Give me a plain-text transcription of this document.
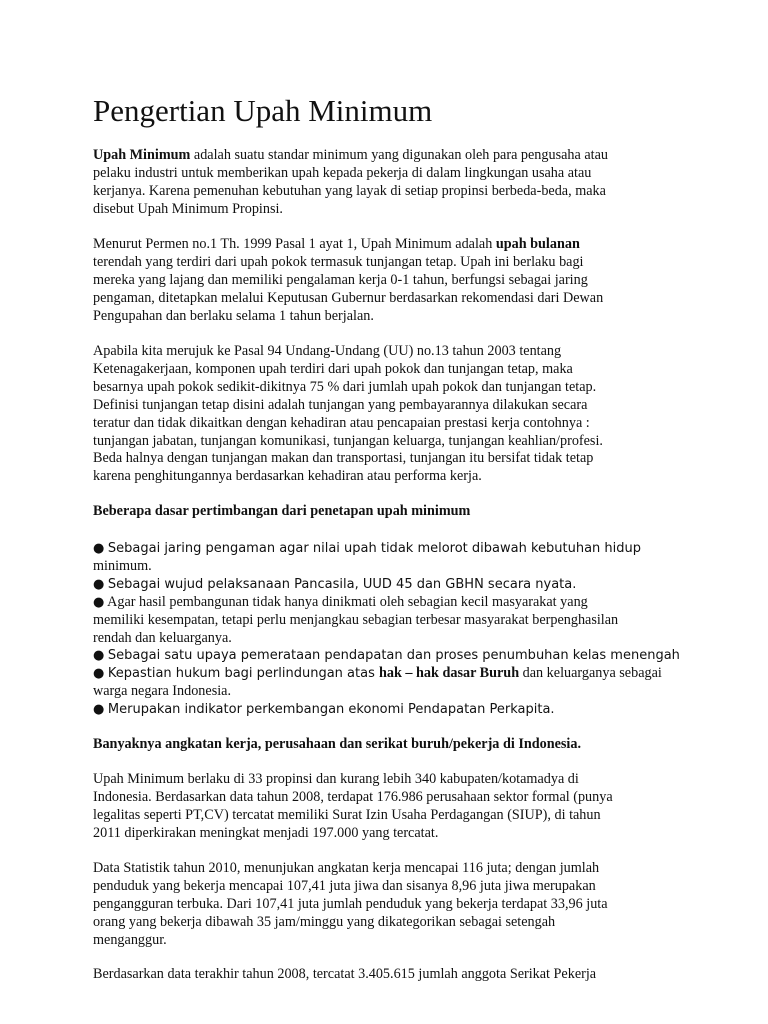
Pengertian Upah Minimum
Upah Minimum adalah suatu standar minimum yang digunakan oleh para pengusaha atau
pelaku industri untuk memberikan upah kepada pekerja di dalam lingkungan usaha atau
kerjanya. Karena pemenuhan kebutuhan yang layak di setiap propinsi berbeda-beda, maka
disebut Upah Minimum Propinsi.
Menurut Permen no.1 Th. 1999 Pasal 1 ayat 1, Upah Minimum adalah upah bulanan
terendah yang terdiri dari upah pokok termasuk tunjangan tetap. Upah ini berlaku bagi
mereka yang lajang dan memiliki pengalaman kerja 0-1 tahun, berfungsi sebagai jaring
pengaman, ditetapkan melalui Keputusan Gubernur berdasarkan rekomendasi dari Dewan
Pengupahan dan berlaku selama 1 tahun berjalan.
Apabila kita merujuk ke Pasal 94 Undang-Undang (UU) no.13 tahun 2003 tentang
Ketenagakerjaan, komponen upah terdiri dari upah pokok dan tunjangan tetap, maka
besarnya upah pokok sedikit-dikitnya 75 % dari jumlah upah pokok dan tunjangan tetap.
Definisi tunjangan tetap disini adalah tunjangan yang pembayarannya dilakukan secara
teratur dan tidak dikaitkan dengan kehadiran atau pencapaian prestasi kerja contohnya :
tunjangan jabatan, tunjangan komunikasi, tunjangan keluarga, tunjangan keahlian/profesi.
Beda halnya dengan tunjangan makan dan transportasi, tunjangan itu bersifat tidak tetap
karena penghitungannya berdasarkan kehadiran atau performa kerja.
Beberapa dasar pertimbangan dari penetapan upah minimum
● Sebagai jaring pengaman agar nilai upah tidak melorot dibawah kebutuhan hidup
minimum.
● Sebagai wujud pelaksanaan Pancasila, UUD 45 dan GBHN secara nyata.
● Agar hasil pembangunan tidak hanya dinikmati oleh sebagian kecil masyarakat yang
memiliki kesempatan, tetapi perlu menjangkau sebagian terbesar masyarakat berpenghasilan
rendah dan keluarganya.
● Sebagai satu upaya pemerataan pendapatan dan proses penumbuhan kelas menengah
● Kepastian hukum bagi perlindungan atas hak – hak dasar Buruh dan keluarganya sebagai
warga negara Indonesia.
● Merupakan indikator perkembangan ekonomi Pendapatan Perkapita.
Banyaknya angkatan kerja, perusahaan dan serikat buruh/pekerja di Indonesia.
Upah Minimum berlaku di 33 propinsi dan kurang lebih 340 kabupaten/kotamadya di
Indonesia. Berdasarkan data tahun 2008, terdapat 176.986 perusahaan sektor formal (punya
legalitas seperti PT,CV) tercatat memiliki Surat Izin Usaha Perdagangan (SIUP), di tahun
2011 diperkirakan meningkat menjadi 197.000 yang tercatat.
Data Statistik tahun 2010, menunjukan angkatan kerja mencapai 116 juta; dengan jumlah
penduduk yang bekerja mencapai 107,41 juta jiwa dan sisanya 8,96 juta jiwa merupakan
pengangguran terbuka. Dari 107,41 juta jumlah penduduk yang bekerja terdapat 33,96 juta
orang yang bekerja dibawah 35 jam/minggu yang dikategorikan sebagai setengah
menganggur.
Berdasarkan data terakhir tahun 2008, tercatat 3.405.615 jumlah anggota Serikat Pekerja
